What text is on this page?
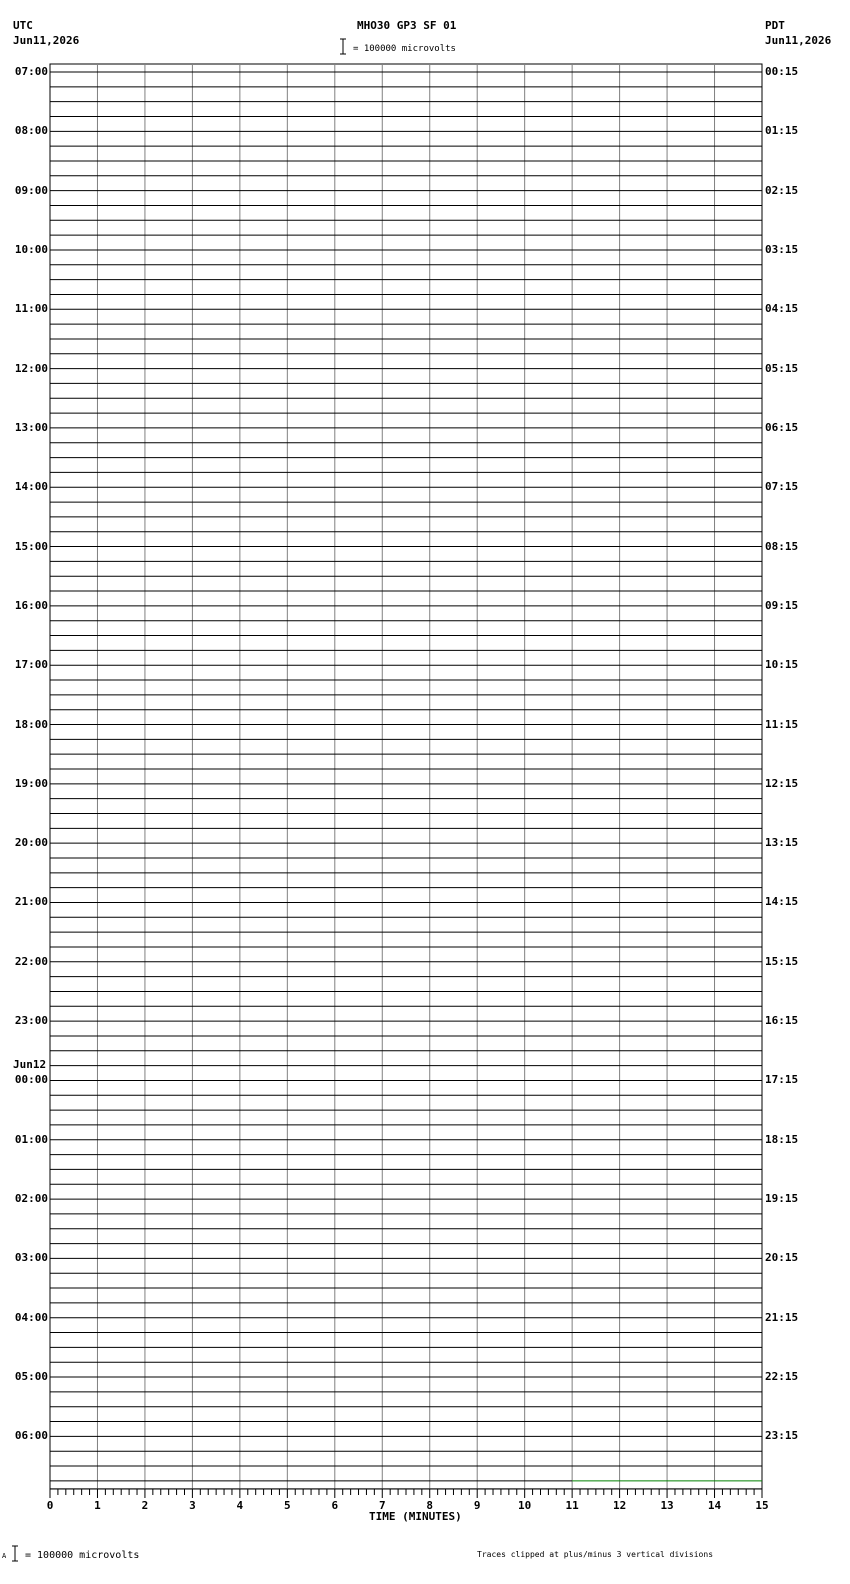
UTC
Jun11,2026
PDT
Jun11,2026
MHO30 GP3 SF 01
= 100000 microvolts
0	1	2	3	4	5	6	7	8	9	10	11	12	13	14	15
07:00
08:00
09:00
10:00
11:00
12:00
13:00
14:00
15:00
16:00
17:00
18:00
19:00
20:00
21:00
22:00
23:00
00:00
01:00
02:00
03:00
04:00
05:00
06:00
00:15
01:15
02:15
03:15
04:15
05:15
06:15
07:15
08:15
09:15
10:15
11:15
12:15
13:15
14:15
15:15
16:15
17:15
18:15
19:15
20:15
21:15
22:15
23:15
Jun12
TIME (MINUTES)
A = 100000 microvolts	Traces clipped at plus/minus 3 vertical divisions
